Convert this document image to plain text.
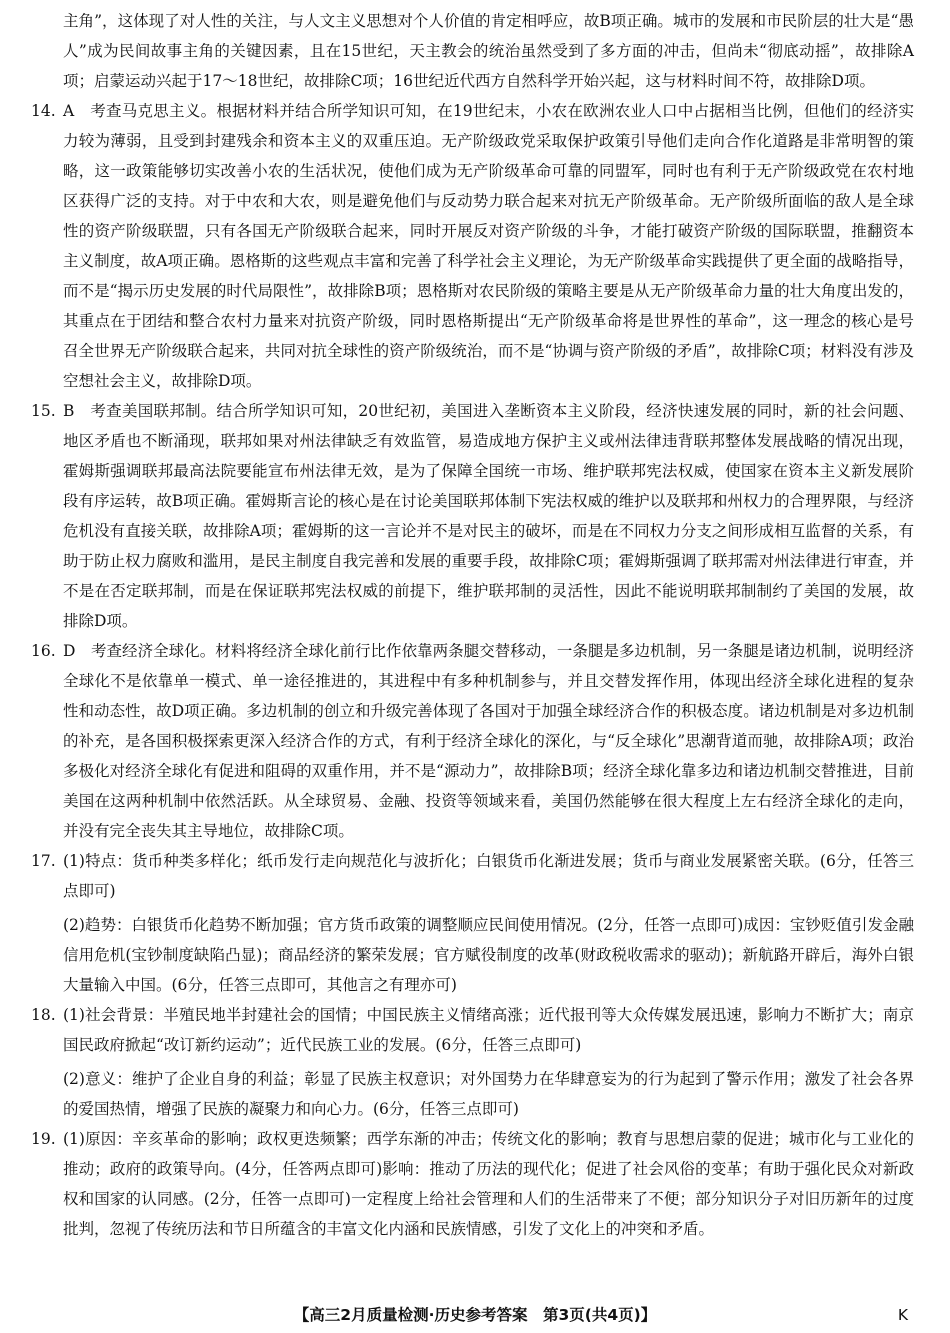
主角”，这体现了对人性的关注，与人文主义思想对个人价值的肯定相呼应，故B项正确。城市的发展和市民阶层的壮大是“愚人”成为民间故事主角的关键因素，且在15世纪，天主教会的统治虽然受到了多方面的冲击，但尚未“彻底动摇”，故排除A项；启蒙运动兴起于17～18世纪，故排除C项；16世纪近代西方自然科学开始兴起，这与材料时间不符，故排除D项。

14. A　考查马克思主义。根据材料并结合所学知识可知，在19世纪末，小农在欧洲农业人口中占据相当比例，但他们的经济实力较为薄弱，且受到封建残余和资本主义的双重压迫。无产阶级政党采取保护政策引导他们走向合作化道路是非常明智的策略，这一政策能够切实改善小农的生活状况，使他们成为无产阶级革命可靠的同盟军，同时也有利于无产阶级政党在农村地区获得广泛的支持。对于中农和大农，则是避免他们与反动势力联合起来对抗无产阶级革命。无产阶级所面临的敌人是全球性的资产阶级联盟，只有各国无产阶级联合起来，同时开展反对资产阶级的斗争，才能打破资产阶级的国际联盟，推翻资本主义制度，故A项正确。恩格斯的这些观点丰富和完善了科学社会主义理论，为无产阶级革命实践提供了更全面的战略指导，而不是“揭示历史发展的时代局限性”，故排除B项；恩格斯对农民阶级的策略主要是从无产阶级革命力量的壮大角度出发的，其重点在于团结和整合农村力量来对抗资产阶级，同时恩格斯提出“无产阶级革命将是世界性的革命”，这一理念的核心是号召全世界无产阶级联合起来，共同对抗全球性的资产阶级统治，而不是“协调与资产阶级的矛盾”，故排除C项；材料没有涉及空想社会主义，故排除D项。
15. B　考查美国联邦制。结合所学知识可知，20世纪初，美国进入垄断资本主义阶段，经济快速发展的同时，新的社会问题、地区矛盾也不断涌现，联邦如果对州法律缺乏有效监管，易造成地方保护主义或州法律违背联邦整体发展战略的情况出现，霍姆斯强调联邦最高法院要能宣布州法律无效，是为了保障全国统一市场、维护联邦宪法权威，使国家在资本主义新发展阶段有序运转，故B项正确。霍姆斯言论的核心是在讨论美国联邦体制下宪法权威的维护以及联邦和州权力的合理界限，与经济危机没有直接关联，故排除A项；霍姆斯的这一言论并不是对民主的破坏，而是在不同权力分支之间形成相互监督的关系，有助于防止权力腐败和滥用，是民主制度自我完善和发展的重要手段，故排除C项；霍姆斯强调了联邦需对州法律进行审查，并不是在否定联邦制，而是在保证联邦宪法权威的前提下，维护联邦制的灵活性，因此不能说明联邦制制约了美国的发展，故排除D项。
16. D　考查经济全球化。材料将经济全球化前行比作依靠两条腿交替移动，一条腿是多边机制，另一条腿是诸边机制，说明经济全球化不是依靠单一模式、单一途径推进的，其进程中有多种机制参与，并且交替发挥作用，体现出经济全球化进程的复杂性和动态性，故D项正确。多边机制的创立和升级完善体现了各国对于加强全球经济合作的积极态度。诸边机制是对多边机制的补充，是各国积极探索更深入经济合作的方式，有利于经济全球化的深化，与“反全球化”思潮背道而驰，故排除A项；政治多极化对经济全球化有促进和阻碍的双重作用，并不是“源动力”，故排除B项；经济全球化靠多边和诸边机制交替推进，目前美国在这两种机制中依然活跃。从全球贸易、金融、投资等领域来看，美国仍然能够在很大程度上左右经济全球化的走向，并没有完全丧失其主导地位，故排除C项。
17. (1)特点：货币种类多样化；纸币发行走向规范化与波折化；白银货币化渐进发展；货币与商业发展紧密关联。(6分，任答三点即可)

(2)趋势：白银货币化趋势不断加强；官方货币政策的调整顺应民间使用情况。(2分，任答一点即可)成因：宝钞贬值引发金融信用危机(宝钞制度缺陷凸显)；商品经济的繁荣发展；官方赋役制度的改革(财政税收需求的驱动)；新航路开辟后，海外白银大量输入中国。(6分，任答三点即可，其他言之有理亦可)

18. (1)社会背景：半殖民地半封建社会的国情；中国民族主义情绪高涨；近代报刊等大众传媒发展迅速，影响力不断扩大；南京国民政府掀起“改订新约运动”；近代民族工业的发展。(6分，任答三点即可)

(2)意义：维护了企业自身的利益；彰显了民族主权意识；对外国势力在华肆意妄为的行为起到了警示作用；激发了社会各界的爱国热情，增强了民族的凝聚力和向心力。(6分，任答三点即可)

19. (1)原因：辛亥革命的影响；政权更迭频繁；西学东渐的冲击；传统文化的影响；教育与思想启蒙的促进；城市化与工业化的推动；政府的政策导向。(4分，任答两点即可)影响：推动了历法的现代化；促进了社会风俗的变革；有助于强化民众对新政权和国家的认同感。(2分，任答一点即可)一定程度上给社会管理和人们的生活带来了不便；部分知识分子对旧历新年的过度批判，忽视了传统历法和节日所蕴含的丰富文化内涵和民族情感，引发了文化上的冲突和矛盾。
【高三2月质量检测·历史参考答案　第3页(共4页)】	K
